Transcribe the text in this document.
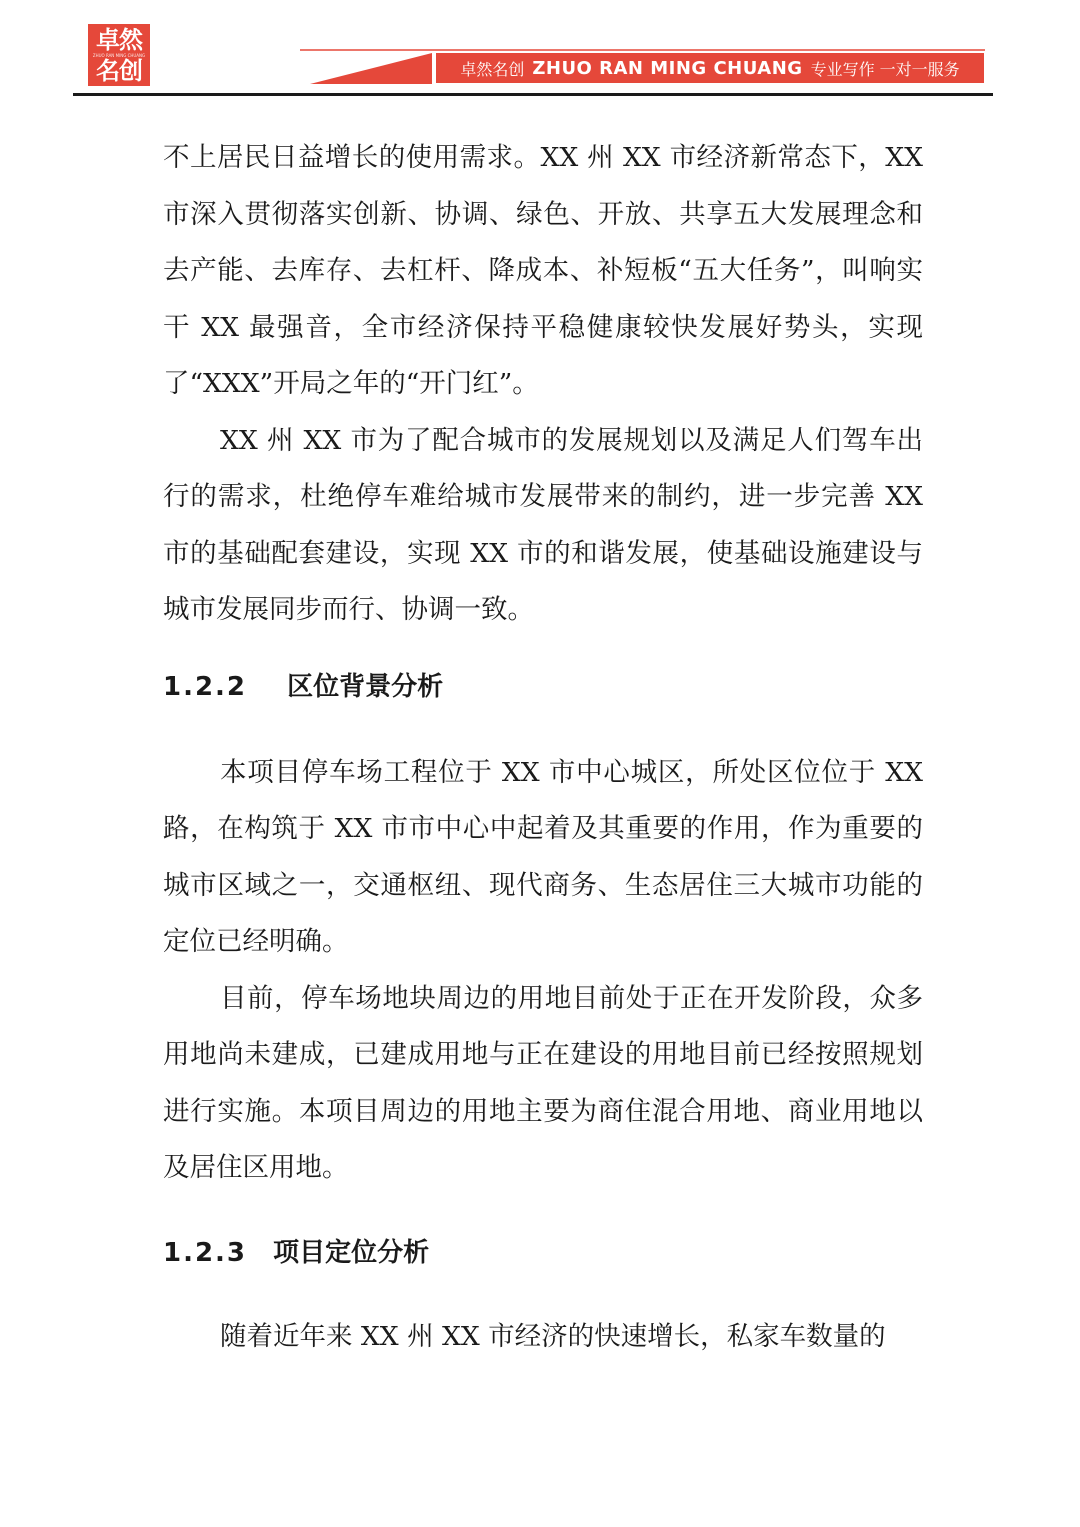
卓然
ZHUO RAN MING CHUANG
名创	卓然名创 ZHUO RAN MING CHUANG 专业写作 一对一服务

不上居民日益增长的使用需求。XX 州 XX 市经济新常态下，XX 市深入贯彻落实创新、协调、绿色、开放、共享五大发展理念和去产能、去库存、去杠杆、降成本、补短板“五大任务”，叫响实干 XX 最强音，全市经济保持平稳健康较快发展好势头，实现了“XXX”开局之年的“开门红”。

XX 州 XX 市为了配合城市的发展规划以及满足人们驾车出行的需求，杜绝停车难给城市发展带来的制约，进一步完善 XX 市的基础配套建设，实现 XX 市的和谐发展，使基础设施建设与城市发展同步而行、协调一致。

1.2.2 区位背景分析

本项目停车场工程位于 XX 市中心城区，所处区位位于 XX 路，在构筑于 XX 市市中心中起着及其重要的作用，作为重要的城市区域之一，交通枢纽、现代商务、生态居住三大城市功能的定位已经明确。

目前，停车场地块周边的用地目前处于正在开发阶段，众多用地尚未建成，已建成用地与正在建设的用地目前已经按照规划进行实施。本项目周边的用地主要为商住混合用地、商业用地以及居住区用地。

1.2.3 项目定位分析

随着近年来 XX 州 XX 市经济的快速增长，私家车数量的
